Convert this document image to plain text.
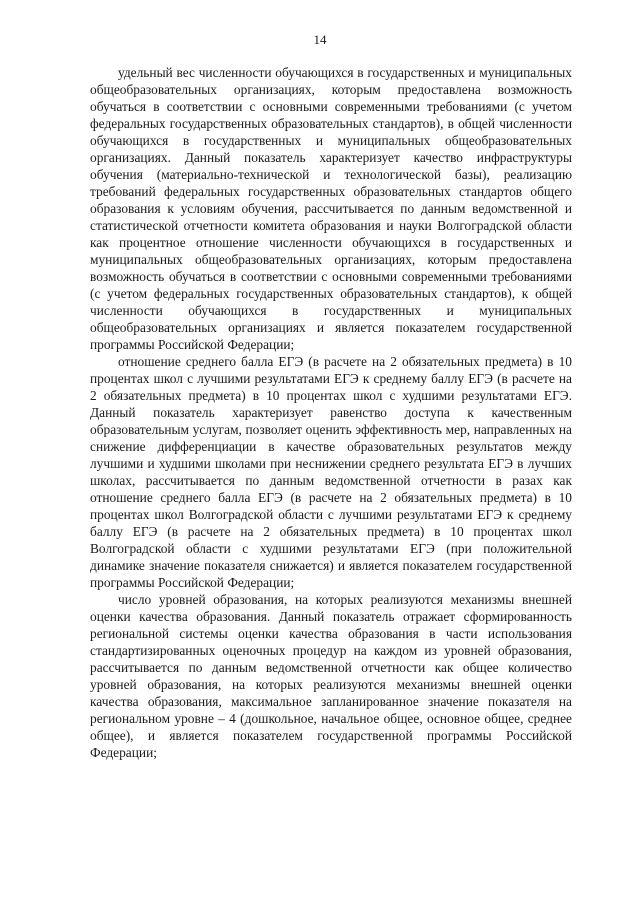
14

удельный вес численности обучающихся в государственных и муниципальных общеобразовательных организациях, которым предоставлена возможность обучаться в соответствии с основными современными требованиями (с учетом федеральных государственных образовательных стандартов), в общей численности обучающихся в государственных и муниципальных общеобразовательных организациях. Данный показатель характеризует качество инфраструктуры обучения (материально-технической и технологической базы), реализацию требований федеральных государственных образовательных стандартов общего образования к условиям обучения, рассчитывается по данным ведомственной и статистической отчетности комитета образования и науки Волгоградской области как процентное отношение численности обучающихся в государственных и муниципальных общеобразовательных организациях, которым предоставлена возможность обучаться в соответствии с основными современными требованиями (с учетом федеральных государственных образовательных стандартов), к общей численности обучающихся в государственных и муниципальных общеобразовательных организациях и является показателем государственной программы Российской Федерации;

отношение среднего балла ЕГЭ (в расчете на 2 обязательных предмета) в 10 процентах школ с лучшими результатами ЕГЭ к среднему баллу ЕГЭ (в расчете на 2 обязательных предмета) в 10 процентах школ с худшими результатами ЕГЭ. Данный показатель характеризует равенство доступа к качественным образовательным услугам, позволяет оценить эффективность мер, направленных на снижение дифференциации в качестве образовательных результатов между лучшими и худшими школами при неснижении среднего результата ЕГЭ в лучших школах, рассчитывается по данным ведомственной отчетности в разах как отношение среднего балла ЕГЭ (в расчете на 2 обязательных предмета) в 10 процентах школ Волгоградской области с лучшими результатами ЕГЭ к среднему баллу ЕГЭ (в расчете на 2 обязательных предмета) в 10 процентах школ Волгоградской области с худшими результатами ЕГЭ (при положительной динамике значение показателя снижается) и является показателем государственной программы Российской Федерации;

число уровней образования, на которых реализуются механизмы внешней оценки качества образования. Данный показатель отражает сформированность региональной системы оценки качества образования в части использования стандартизированных оценочных процедур на каждом из уровней образования, рассчитывается по данным ведомственной отчетности как общее количество уровней образования, на которых реализуются механизмы внешней оценки качества образования, максимальное запланированное значение показателя на региональном уровне – 4 (дошкольное, начальное общее, основное общее, среднее общее), и является показателем государственной программы Российской Федерации;
